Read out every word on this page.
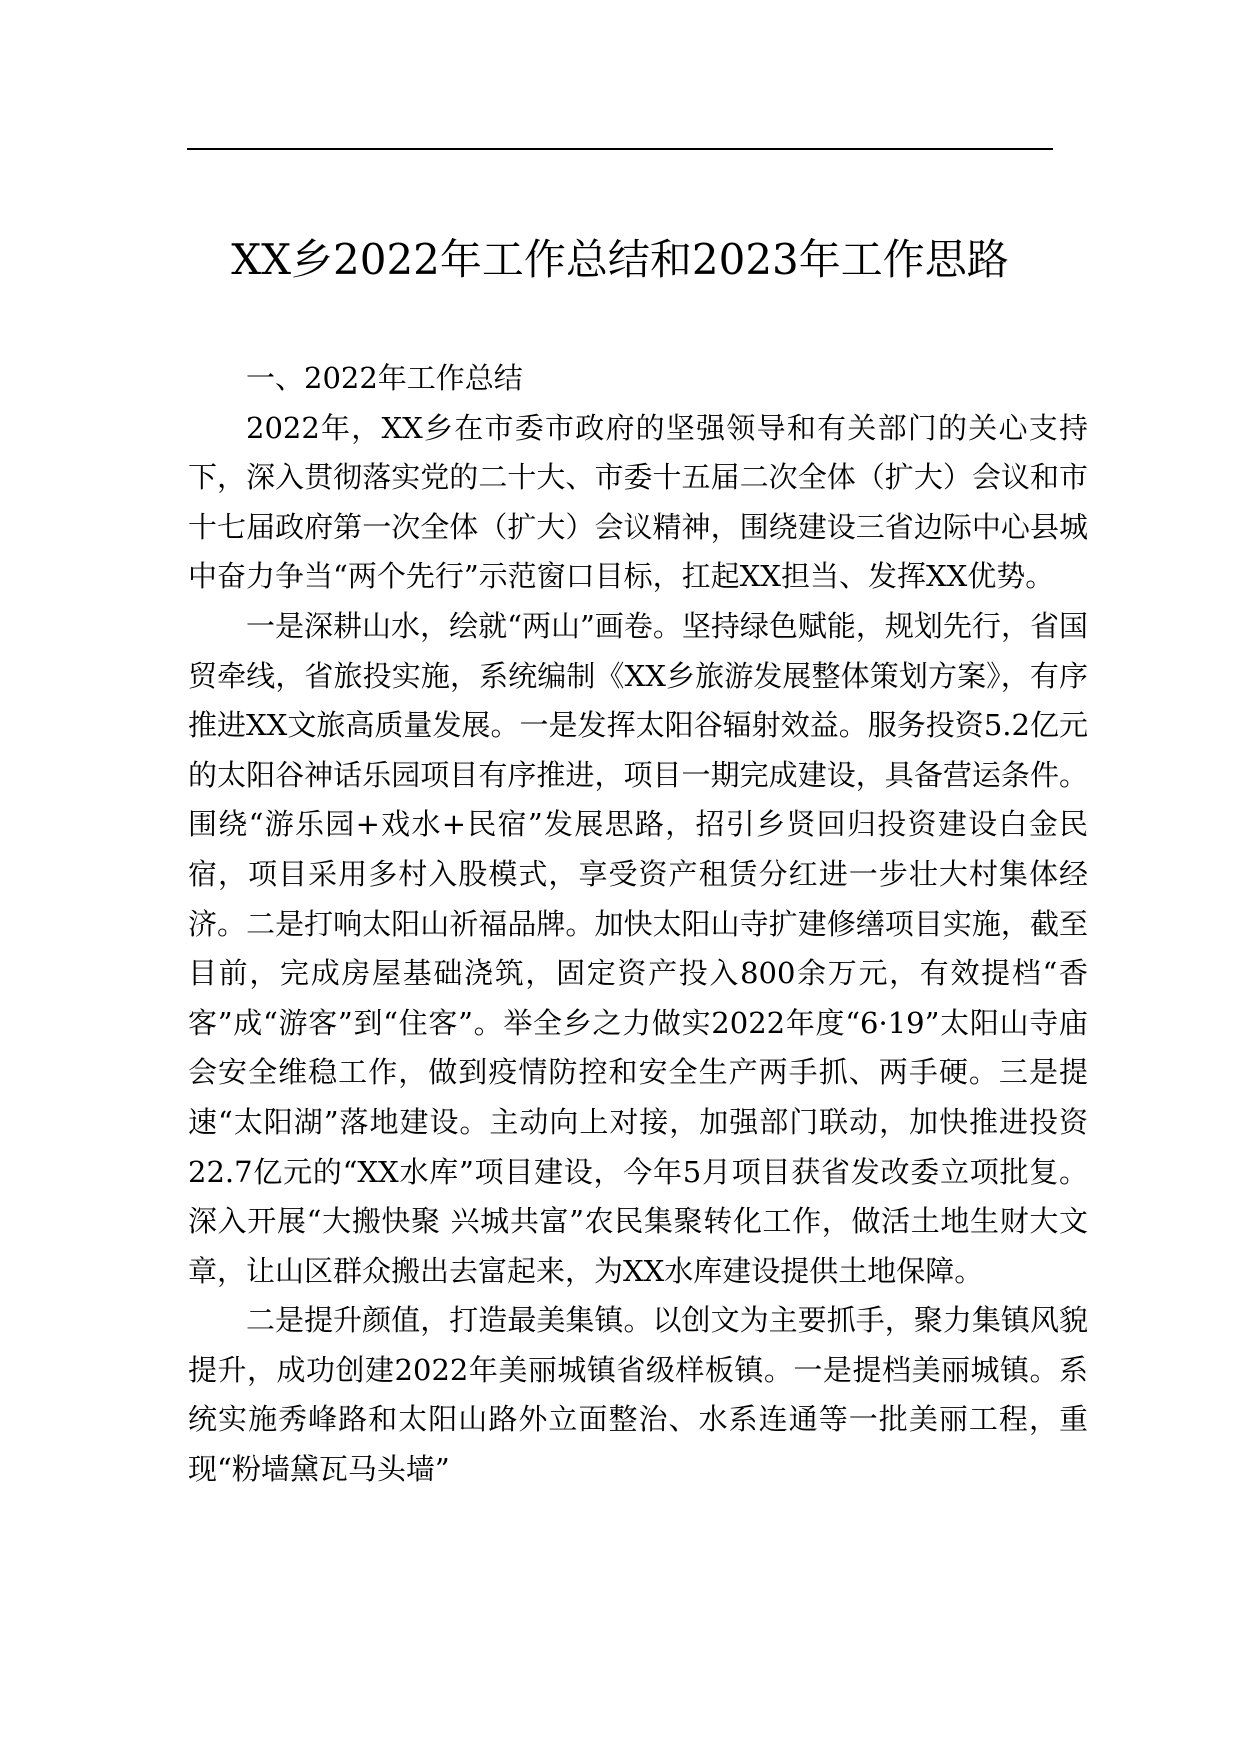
XX乡2022年工作总结和2023年工作思路
一、2022年工作总结

2022年，XX乡在市委市政府的坚强领导和有关部门的关心支持下，深入贯彻落实党的二十大、市委十五届二次全体（扩大）会议和市十七届政府第一次全体（扩大）会议精神，围绕建设三省边际中心县城中奋力争当“两个先行”示范窗口目标，扛起XX担当、发挥XX优势。

一是深耕山水，绘就“两山”画卷。坚持绿色赋能，规划先行，省国贸牵线，省旅投实施，系统编制《XX乡旅游发展整体策划方案》，有序推进XX文旅高质量发展。一是发挥太阳谷辐射效益。服务投资5.2亿元的太阳谷神话乐园项目有序推进，项目一期完成建设，具备营运条件。围绕“游乐园+戏水+民宿”发展思路，招引乡贤回归投资建设白金民宿，项目采用多村入股模式，享受资产租赁分红进一步壮大村集体经济。二是打响太阳山祈福品牌。加快太阳山寺扩建修缮项目实施，截至目前，完成房屋基础浇筑，固定资产投入800余万元，有效提档“香客”成“游客”到“住客”。举全乡之力做实2022年度“6·19”太阳山寺庙会安全维稳工作，做到疫情防控和安全生产两手抓、两手硬。三是提速“太阳湖”落地建设。主动向上对接，加强部门联动，加快推进投资22.7亿元的“XX水库”项目建设，今年5月项目获省发改委立项批复。深入开展“大搬快聚 兴城共富”农民集聚转化工作，做活土地生财大文章，让山区群众搬出去富起来，为XX水库建设提供土地保障。

二是提升颜值，打造最美集镇。以创文为主要抓手，聚力集镇风貌提升，成功创建2022年美丽城镇省级样板镇。一是提档美丽城镇。系统实施秀峰路和太阳山路外立面整治、水系连通等一批美丽工程，重现“粉墙黛瓦马头墙”
